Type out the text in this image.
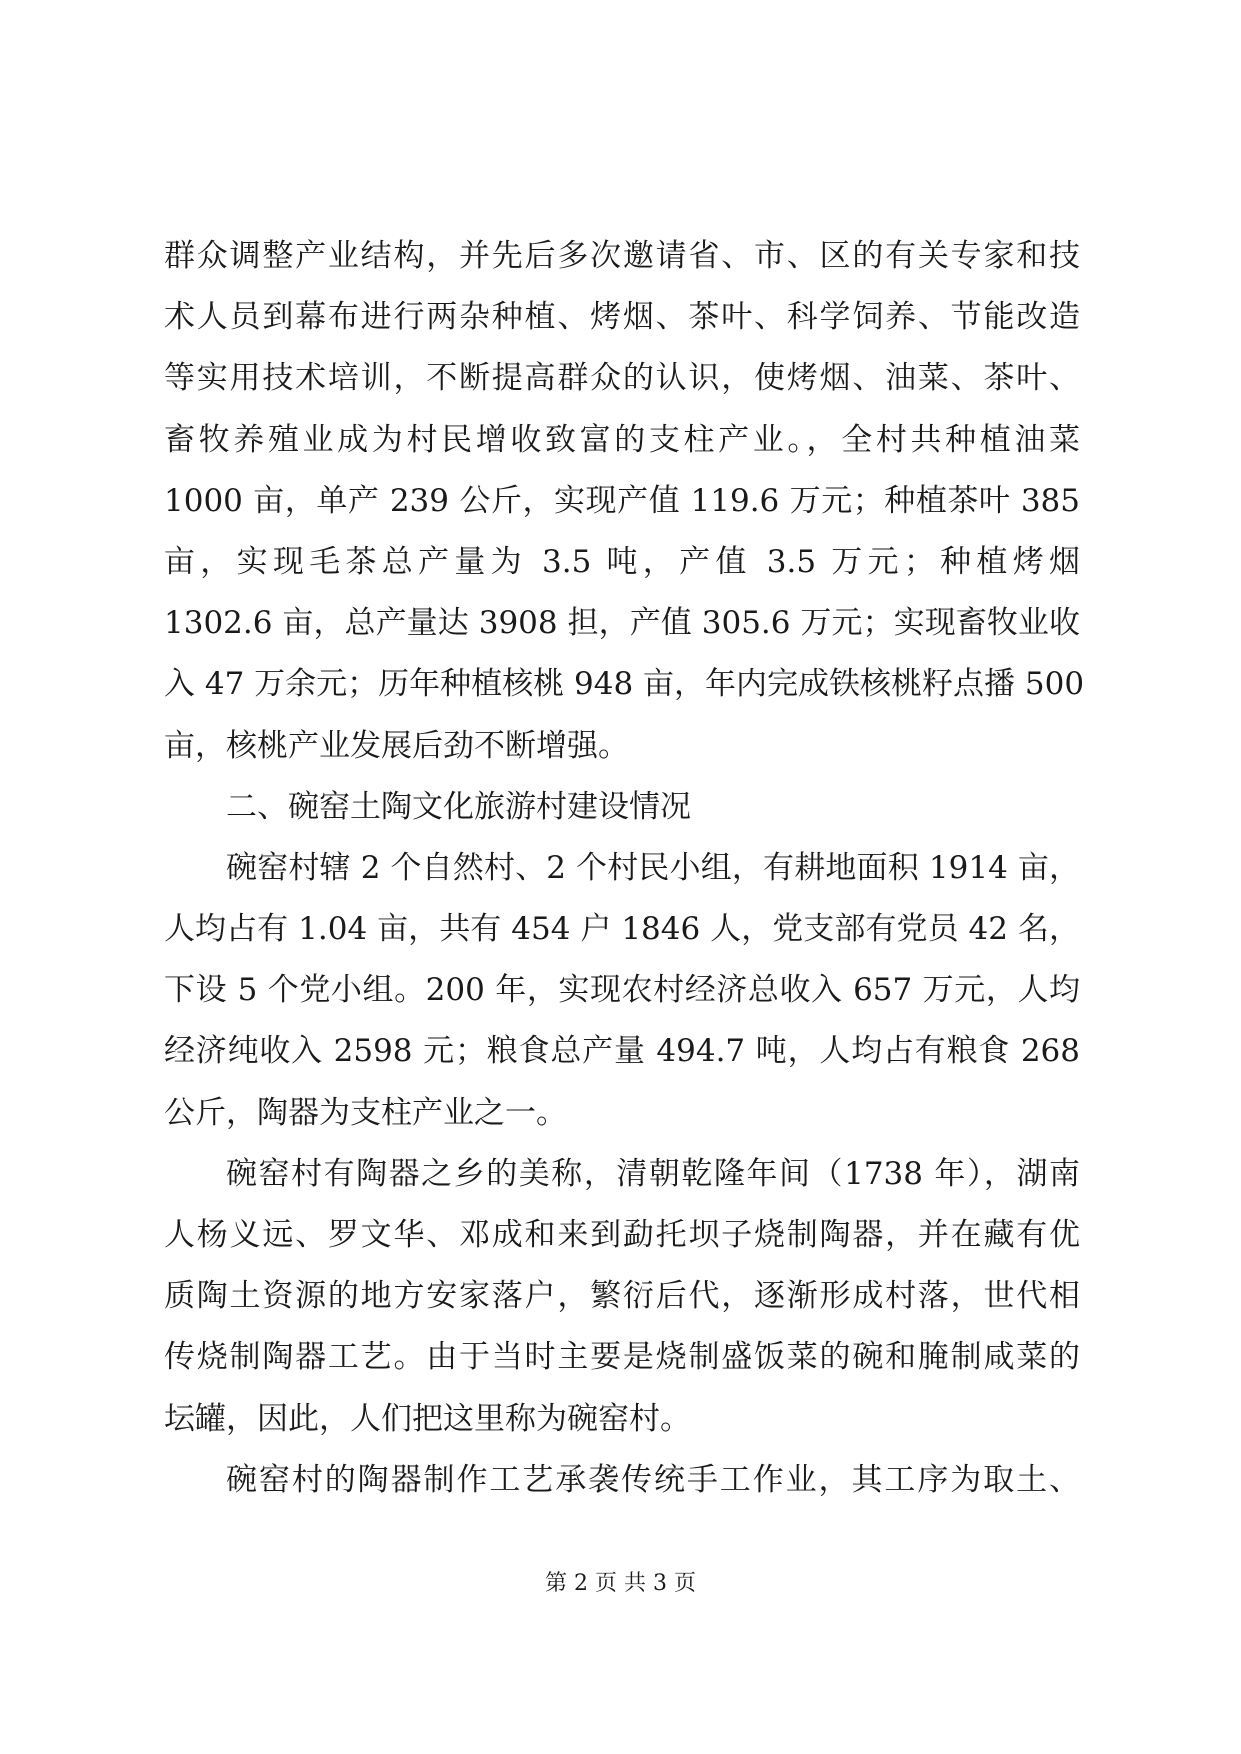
群众调整产业结构，并先后多次邀请省、市、区的有关专家和技
术人员到幕布进行两杂种植、烤烟、茶叶、科学饲养、节能改造
等实用技术培训，不断提高群众的认识，使烤烟、油菜、茶叶、
畜牧养殖业成为村民增收致富的支柱产业。，全村共种植油菜
1000 亩，单产 239 公斤，实现产值 119.6 万元；种植茶叶 385
亩，实现毛茶总产量为 3.5 吨，产值 3.5 万元；种植烤烟
1302.6 亩，总产量达 3908 担，产值 305.6 万元；实现畜牧业收
入 47 万余元；历年种植核桃 948 亩，年内完成铁核桃籽点播 500
亩，核桃产业发展后劲不断增强。
二、碗窑土陶文化旅游村建设情况
碗窑村辖 2 个自然村、2 个村民小组，有耕地面积 1914 亩，
人均占有 1.04 亩，共有 454 户 1846 人，党支部有党员 42 名，
下设 5 个党小组。200 年，实现农村经济总收入 657 万元，人均
经济纯收入 2598 元；粮食总产量 494.7 吨，人均占有粮食 268
公斤，陶器为支柱产业之一。
碗窑村有陶器之乡的美称，清朝乾隆年间（1738 年），湖南
人杨义远、罗文华、邓成和来到勐托坝子烧制陶器，并在藏有优
质陶土资源的地方安家落户，繁衍后代，逐渐形成村落，世代相
传烧制陶器工艺。由于当时主要是烧制盛饭菜的碗和腌制咸菜的
坛罐，因此，人们把这里称为碗窑村。
碗窑村的陶器制作工艺承袭传统手工作业，其工序为取土、
第 2 页 共 3 页
